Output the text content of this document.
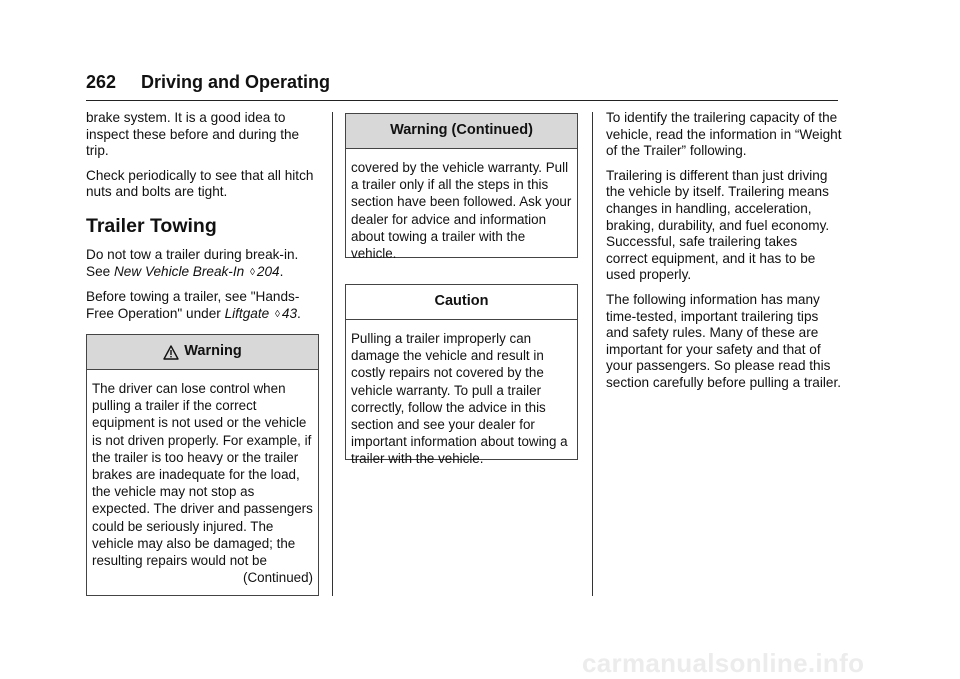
262 Driving and Operating

brake system. It is a good idea to inspect these before and during the trip.

Check periodically to see that all hitch nuts and bolts are tight.

Trailer Towing

Do not tow a trailer during break-in. See New Vehicle Break-In ◊ 204.

Before towing a trailer, see "Hands-Free Operation" under Liftgate ◊ 43.

Warning
The driver can lose control when pulling a trailer if the correct equipment is not used or the vehicle is not driven properly. For example, if the trailer is too heavy or the trailer brakes are inadequate for the load, the vehicle may not stop as expected. The driver and passengers could be seriously injured. The vehicle may also be damaged; the resulting repairs would not be
(Continued)
Warning (Continued)
covered by the vehicle warranty. Pull a trailer only if all the steps in this section have been followed. Ask your dealer for advice and information about towing a trailer with the vehicle.
Caution
Pulling a trailer improperly can damage the vehicle and result in costly repairs not covered by the vehicle warranty. To pull a trailer correctly, follow the advice in this section and see your dealer for important information about towing a trailer with the vehicle.

To identify the trailering capacity of the vehicle, read the information in “Weight of the Trailer” following.

Trailering is different than just driving the vehicle by itself. Trailering means changes in handling, acceleration, braking, durability, and fuel economy. Successful, safe trailering takes correct equipment, and it has to be used properly.

The following information has many time-tested, important trailering tips and safety rules. Many of these are important for your safety and that of your passengers. So please read this section carefully before pulling a trailer.

carmanualsonline.info
